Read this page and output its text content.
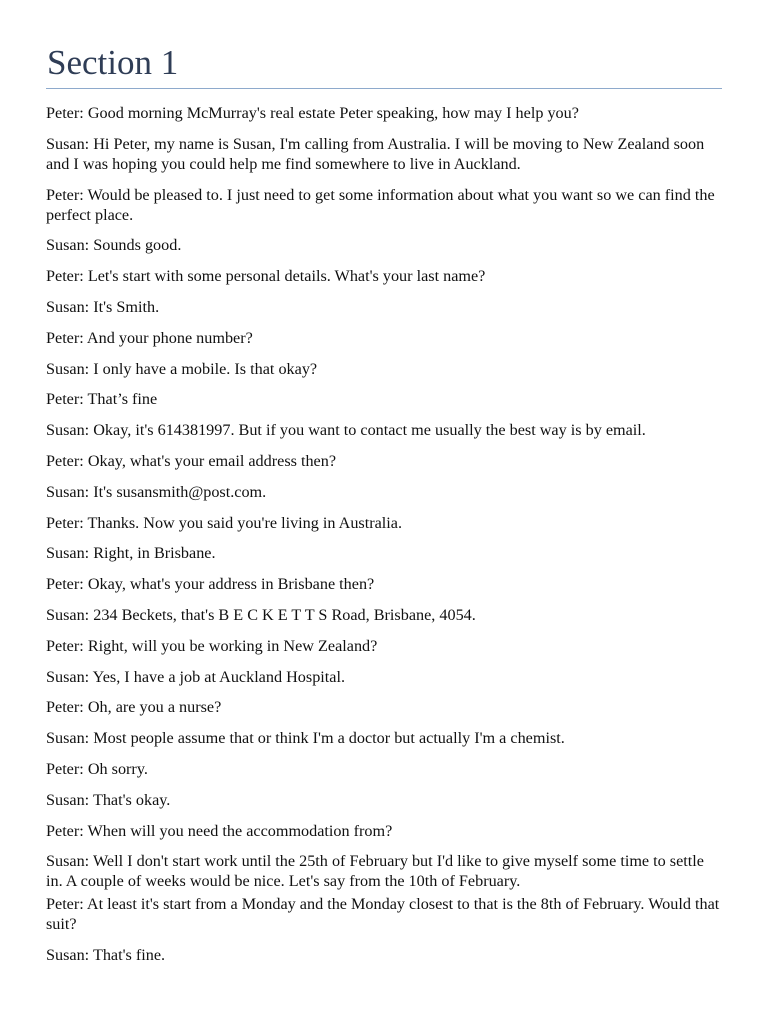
Section 1

Peter: Good morning McMurray's real estate Peter speaking, how may I help you?

Susan: Hi Peter, my name is Susan, I'm calling from Australia. I will be moving to New Zealand soon and I was hoping you could help me find somewhere to live in Auckland.

Peter: Would be pleased to. I just need to get some information about what you want so we can find the perfect place.

Susan: Sounds good.

Peter: Let's start with some personal details. What's your last name?

Susan: It's Smith.

Peter: And your phone number?

Susan: I only have a mobile. Is that okay?

Peter: That’s fine

Susan: Okay, it's 614381997. But if you want to contact me usually the best way is by email.

Peter: Okay, what's your email address then?

Susan: It's susansmith@post.com.

Peter: Thanks. Now you said you're living in Australia.

Susan: Right, in Brisbane.

Peter: Okay, what's your address in Brisbane then?

Susan: 234 Beckets, that's B E C K E T T S Road, Brisbane, 4054.

Peter: Right, will you be working in New Zealand?

Susan: Yes, I have a job at Auckland Hospital.

Peter: Oh, are you a nurse?

Susan: Most people assume that or think I'm a doctor but actually I'm a chemist.

Peter: Oh sorry.

Susan: That's okay.

Peter: When will you need the accommodation from?

Susan: Well I don't start work until the 25th of February but I'd like to give myself some time to settle in. A couple of weeks would be nice. Let's say from the 10th of February.

Peter: At least it's start from a Monday and the Monday closest to that is the 8th of February. Would that suit?

Susan: That's fine.
